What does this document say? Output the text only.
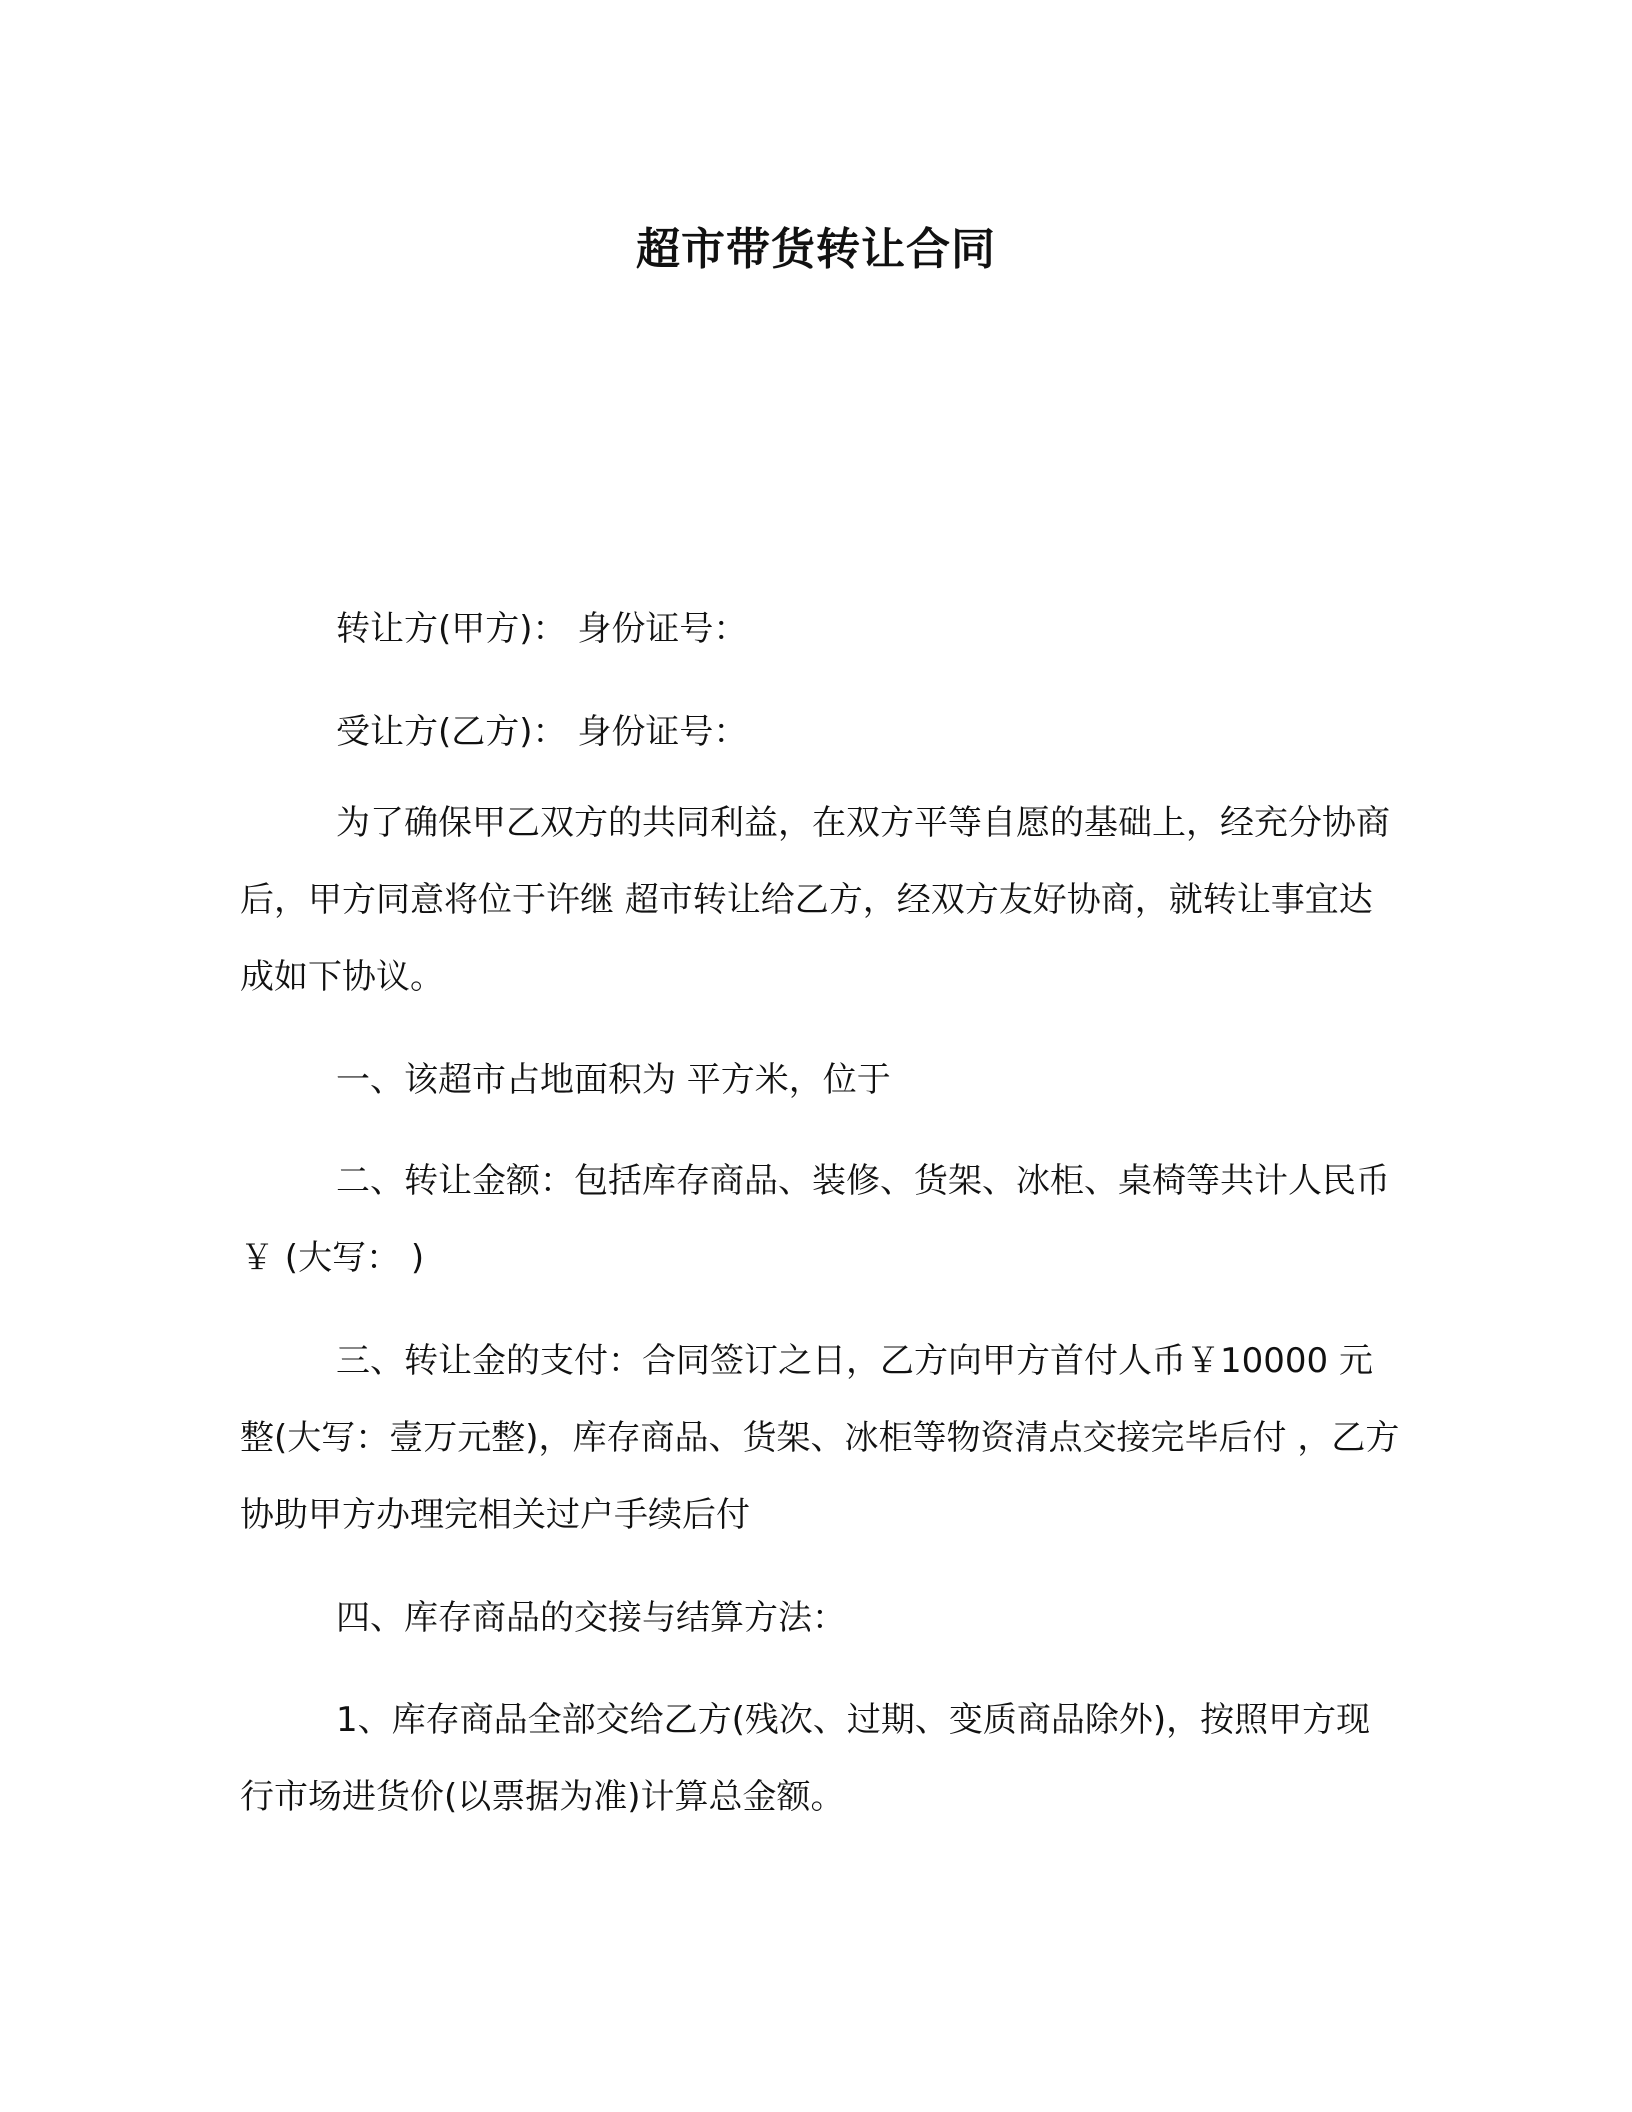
超市带货转让合同
转让方(甲方)： 身份证号：
受让方(乙方)： 身份证号：
为了确保甲乙双方的共同利益，在双方平等自愿的基础上，经充分协商后，甲方同意将位于许继 超市转让给乙方，经双方友好协商，就转让事宜达成如下协议。
一、该超市占地面积为 平方米，位于
二、转让金额：包括库存商品、装修、货架、冰柜、桌椅等共计人民币￥ (大写： )
三、转让金的支付：合同签订之日，乙方向甲方首付人币￥10000 元整(大写：壹万元整)，库存商品、货架、冰柜等物资清点交接完毕后付 ，乙方协助甲方办理完相关过户手续后付
四、库存商品的交接与结算方法：
1、库存商品全部交给乙方(残次、过期、变质商品除外)，按照甲方现行市场进货价(以票据为准)计算总金额。
